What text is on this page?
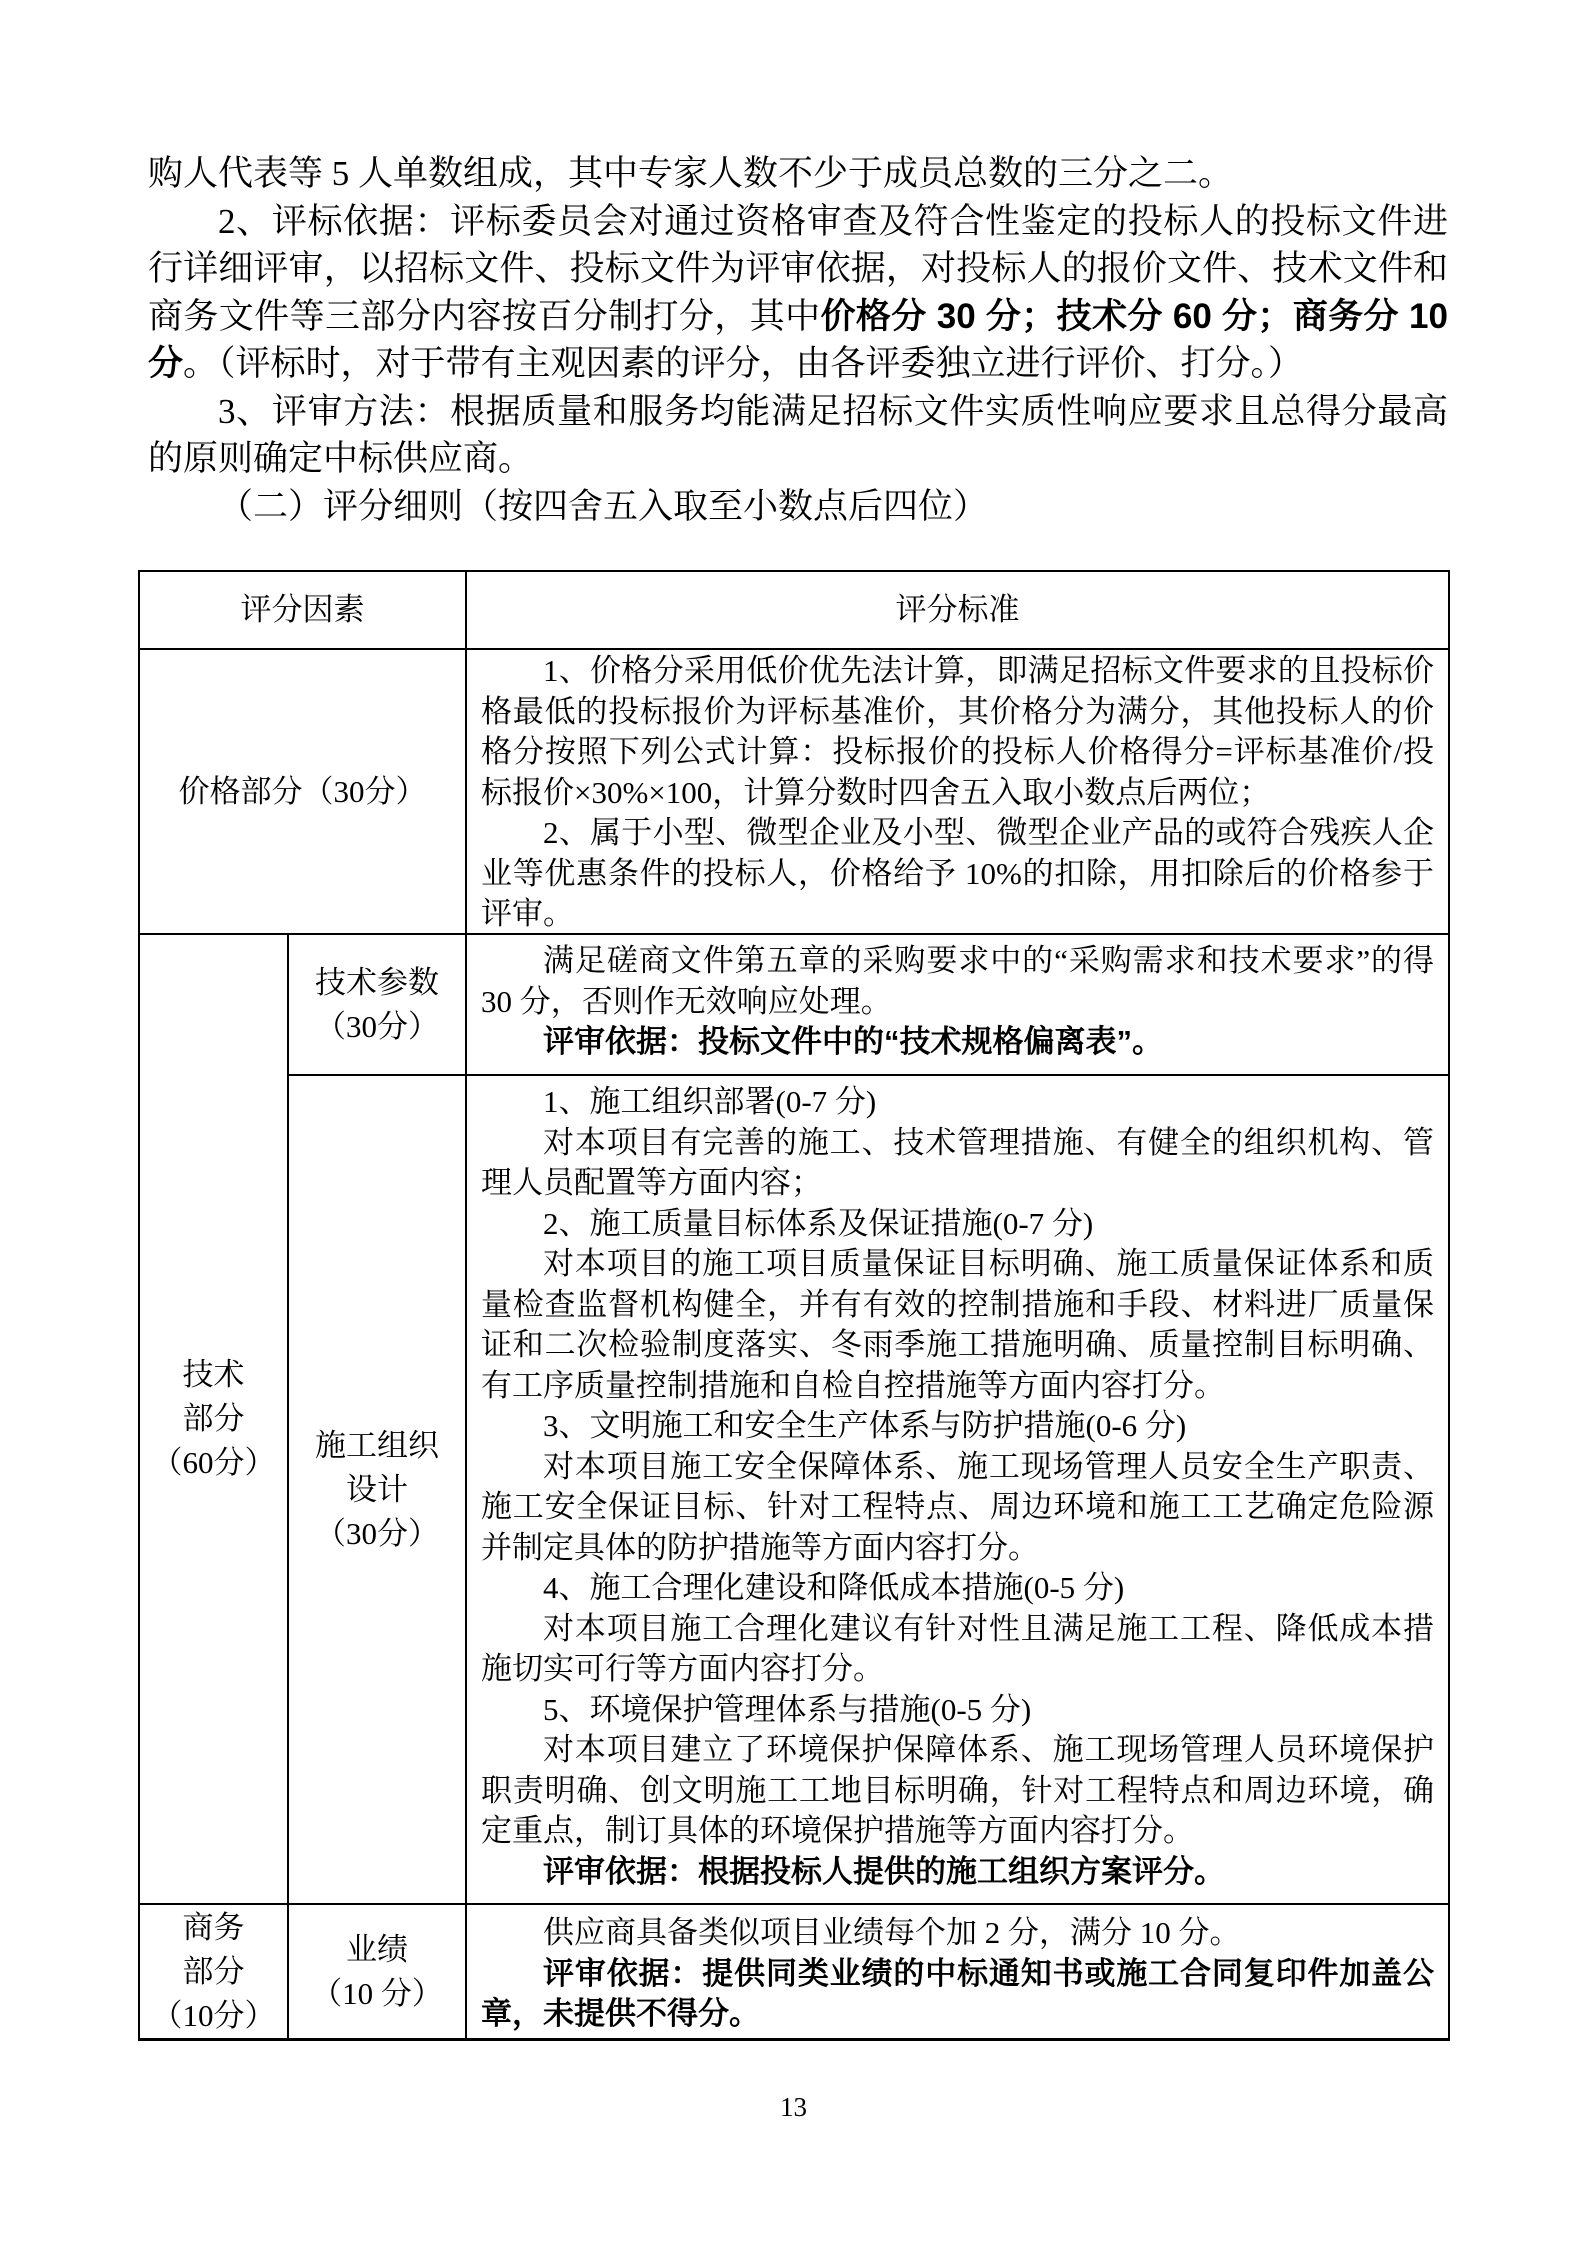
购人代表等 5 人单数组成，其中专家人数不少于成员总数的三分之二。
2、评标依据：评标委员会对通过资格审查及符合性鉴定的投标人的投标文件进行详细评审，以招标文件、投标文件为评审依据，对投标人的报价文件、技术文件和商务文件等三部分内容按百分制打分，其中价格分 30 分；技术分 60 分；商务分 10 分。（评标时，对于带有主观因素的评分，由各评委独立进行评价、打分。）
3、评审方法：根据质量和服务均能满足招标文件实质性响应要求且总得分最高的原则确定中标供应商。
（二）评分细则（按四舍五入取至小数点后四位）
评分因素	评分标准
价格部分（30分）
1、价格分采用低价优先法计算，即满足招标文件要求的且投标价格最低的投标报价为评标基准价，其价格分为满分，其他投标人的价格分按照下列公式计算：投标报价的投标人价格得分=评标基准价/投标报价×30%×100，计算分数时四舍五入取小数点后两位；
2、属于小型、微型企业及小型、微型企业产品的或符合残疾人企业等优惠条件的投标人，价格给予 10%的扣除，用扣除后的价格参于评审。
技术
部分
（60分）
技术参数
（30分）
满足磋商文件第五章的采购要求中的“采购需求和技术要求”的得 30 分，否则作无效响应处理。
评审依据：投标文件中的“技术规格偏离表”。
施工组织
设计
（30分）
1、施工组织部署(0-7 分)
对本项目有完善的施工、技术管理措施、有健全的组织机构、管理人员配置等方面内容；
2、施工质量目标体系及保证措施(0-7 分)
对本项目的施工项目质量保证目标明确、施工质量保证体系和质量检查监督机构健全，并有有效的控制措施和手段、材料进厂质量保证和二次检验制度落实、冬雨季施工措施明确、质量控制目标明确、有工序质量控制措施和自检自控措施等方面内容打分。
3、文明施工和安全生产体系与防护措施(0-6 分)
对本项目施工安全保障体系、施工现场管理人员安全生产职责、施工安全保证目标、针对工程特点、周边环境和施工工艺确定危险源并制定具体的防护措施等方面内容打分。
4、施工合理化建设和降低成本措施(0-5 分)
对本项目施工合理化建议有针对性且满足施工工程、降低成本措施切实可行等方面内容打分。
5、环境保护管理体系与措施(0-5 分)
对本项目建立了环境保护保障体系、施工现场管理人员环境保护职责明确、创文明施工工地目标明确，针对工程特点和周边环境，确定重点，制订具体的环境保护措施等方面内容打分。
评审依据：根据投标人提供的施工组织方案评分。
商务
部分
（10分）
业绩
（10 分）
供应商具备类似项目业绩每个加 2 分，满分 10 分。
评审依据：提供同类业绩的中标通知书或施工合同复印件加盖公章，未提供不得分。
13
